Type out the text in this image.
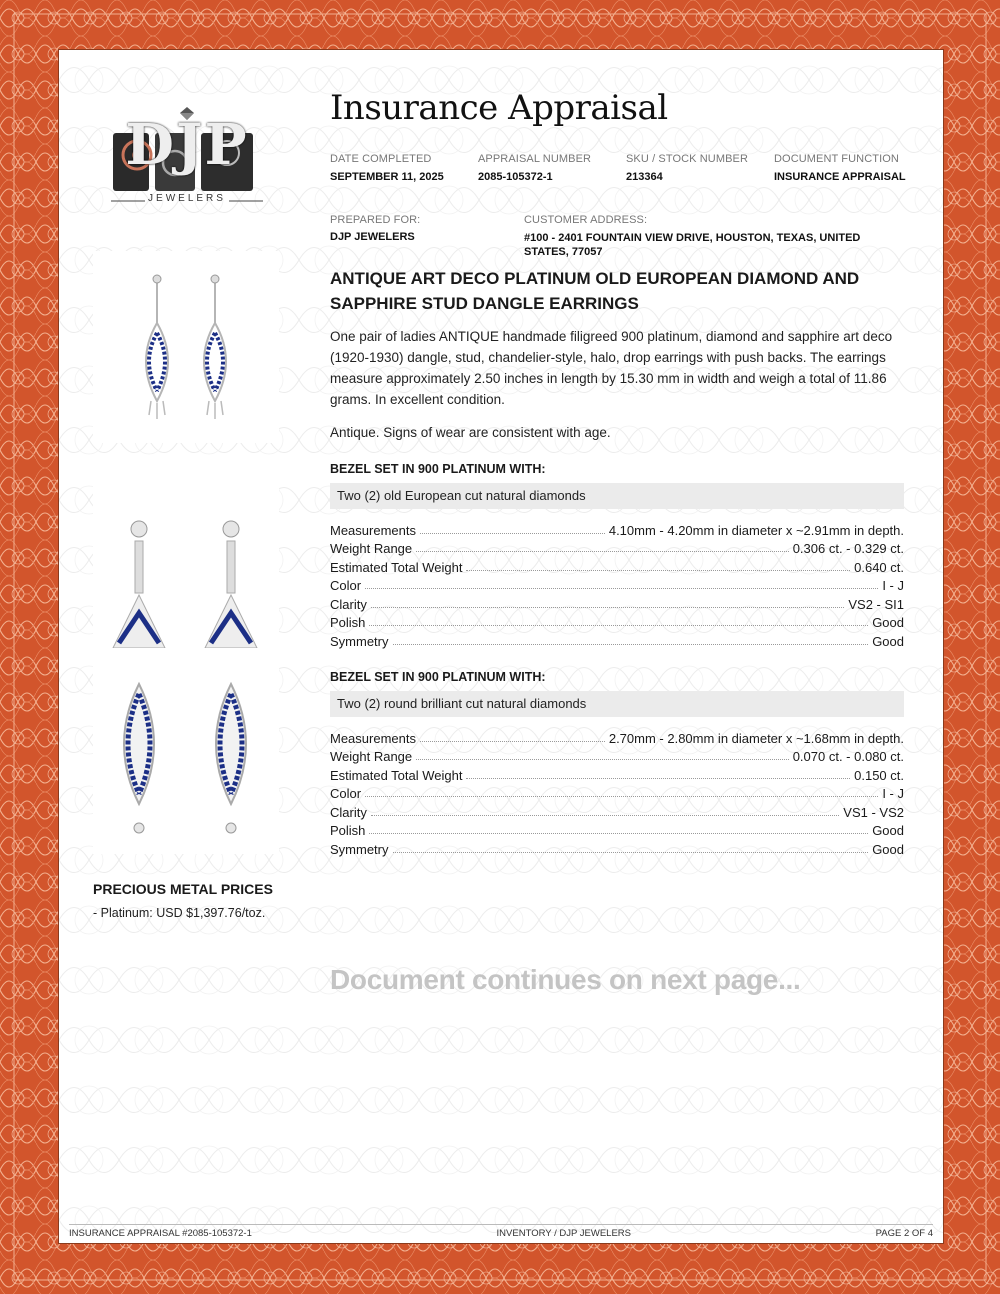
DJP
JEWELERS
Insurance Appraisal
DATE COMPLETED
SEPTEMBER 11, 2025
APPRAISAL NUMBER
2085-105372-1
SKU / STOCK NUMBER
213364
DOCUMENT FUNCTION
INSURANCE APPRAISAL
PREPARED FOR:
DJP JEWELERS
CUSTOMER ADDRESS:
#100 - 2401 FOUNTAIN VIEW DRIVE, HOUSTON, TEXAS, UNITED STATES, 77057
ANTIQUE ART DECO PLATINUM OLD EUROPEAN DIAMOND AND SAPPHIRE STUD DANGLE EARRINGS
One pair of ladies ANTIQUE handmade filigreed 900 platinum, diamond and sapphire art deco (1920-1930) dangle, stud, chandelier-style, halo, drop earrings with push backs. The earrings measure approximately 2.50 inches in length by 15.30 mm in width and weigh a total of 11.86 grams. In excellent condition.
Antique. Signs of wear are consistent with age.
BEZEL SET IN 900 PLATINUM WITH:
Two (2) old European cut natural diamonds
Measurements	4.10mm - 4.20mm in diameter x ~2.91mm in depth.
Weight Range	0.306 ct. - 0.329 ct.
Estimated Total Weight	0.640 ct.
Color	I - J
Clarity	VS2 - SI1
Polish	Good
Symmetry	Good
BEZEL SET IN 900 PLATINUM WITH:
Two (2) round brilliant cut natural diamonds
Measurements	2.70mm - 2.80mm in diameter x ~1.68mm in depth.
Weight Range	0.070 ct. - 0.080 ct.
Estimated Total Weight	0.150 ct.
Color	I - J
Clarity	VS1 - VS2
Polish	Good
Symmetry	Good
PRECIOUS METAL PRICES
- Platinum: USD $1,397.76/toz.
Document continues on next page...
INSURANCE APPRAISAL #2085-105372-1	INVENTORY / DJP JEWELERS	PAGE 2 OF 4
